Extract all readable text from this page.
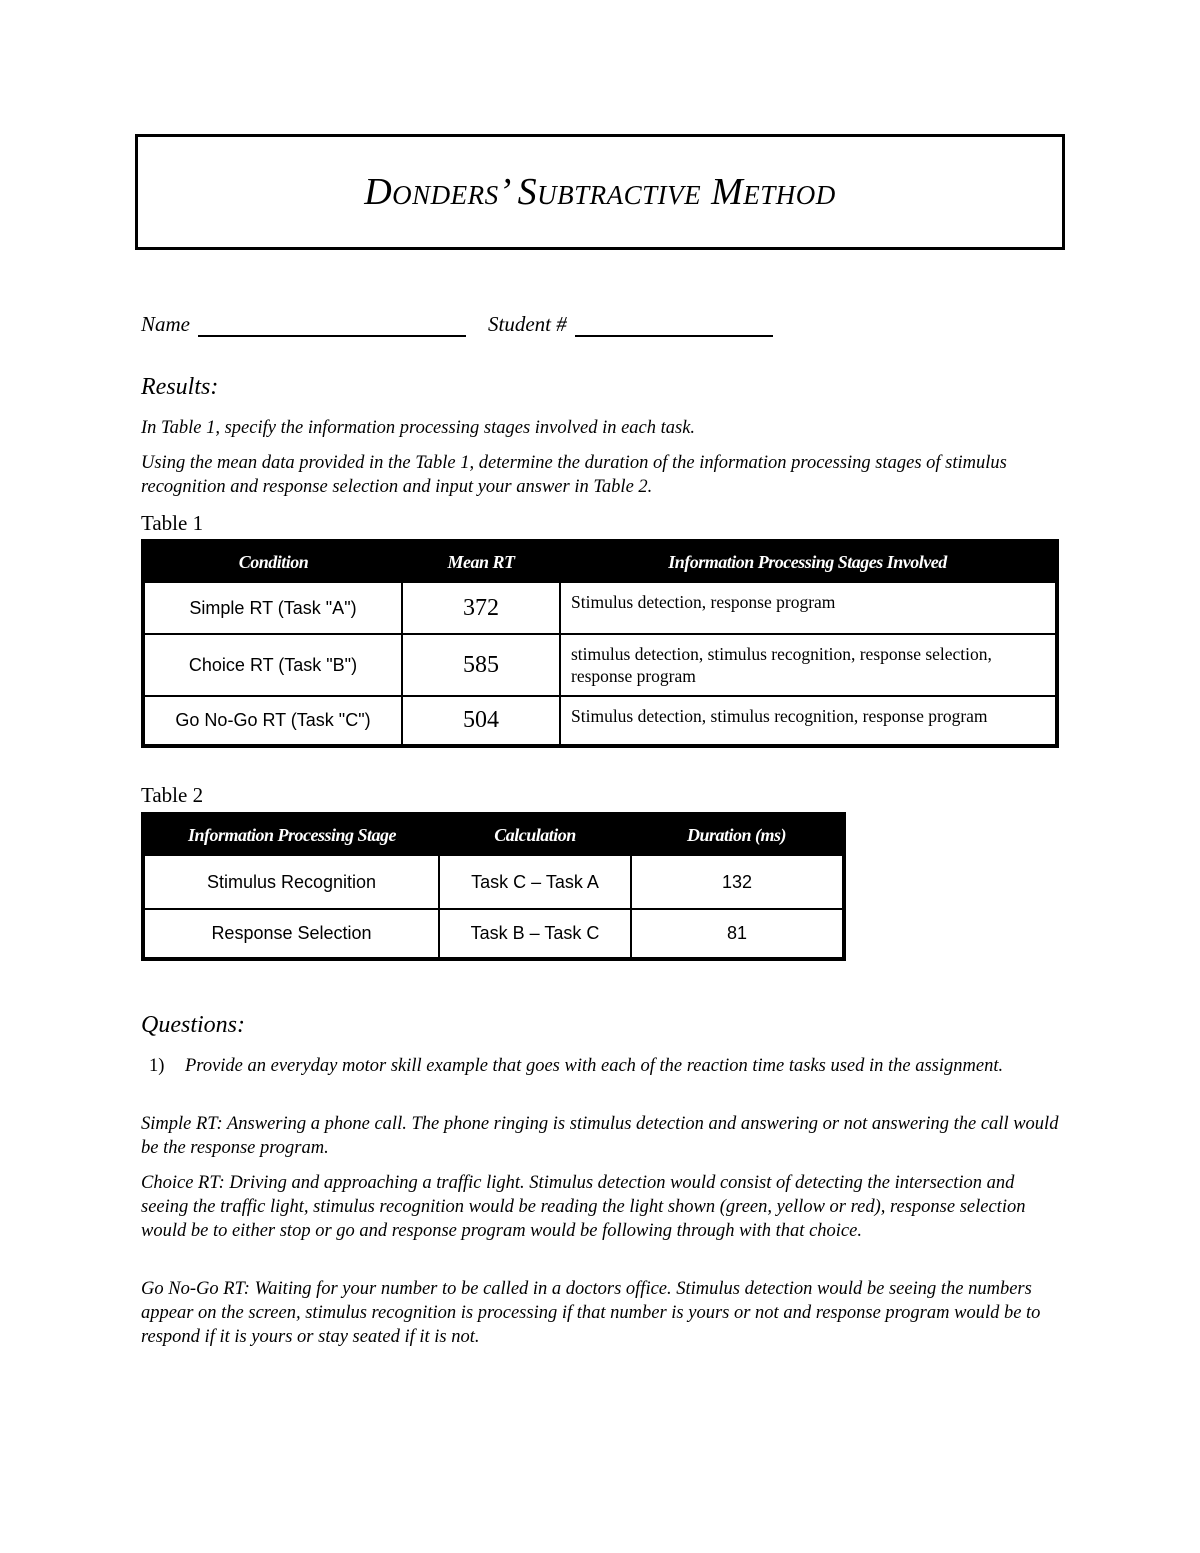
Donders’ Subtractive Method
Name	Student #
Results:
In Table 1, specify the information processing stages involved in each task.
Using the mean data provided in the Table 1, determine the duration of the information processing stages of stimulus recognition and response selection and input your answer in Table 2.
Table 1
Condition	Mean RT	Information Processing Stages Involved
Simple RT (Task "A")	372	Stimulus detection, response program
Choice RT (Task "B")	585	stimulus detection, stimulus recognition, response selection, response program
Go No-Go RT (Task "C")	504	Stimulus detection, stimulus recognition, response program
Table 2
Information Processing Stage	Calculation	Duration (ms)
Stimulus Recognition	Task C – Task A	132
Response Selection	Task B – Task C	81
Questions:
1)	Provide an everyday motor skill example that goes with each of the reaction time tasks used in the assignment.
Simple RT: Answering a phone call. The phone ringing is stimulus detection and answering or not answering the call would be the response program.
Choice RT: Driving and approaching a traffic light. Stimulus detection would consist of detecting the intersection and seeing the traffic light, stimulus recognition would be reading the light shown (green, yellow or red), response selection would be to either stop or go and response program would be following through with that choice.
Go No-Go RT: Waiting for your number to be called in a doctors office. Stimulus detection would be seeing the numbers appear on the screen, stimulus recognition is processing if that number is yours or not and response program would be to respond if it is yours or stay seated if it is not.
